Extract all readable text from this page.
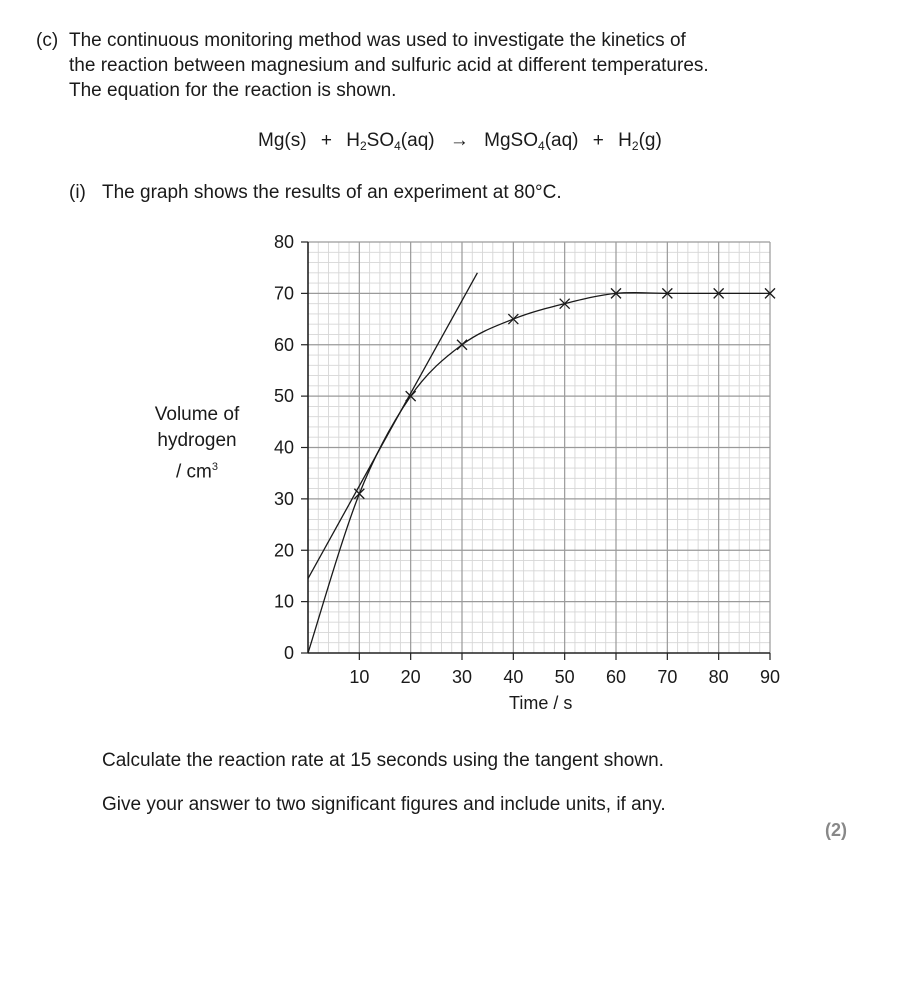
(c) The continuous monitoring method was used to investigate the kinetics of
the reaction between magnesium and sulfuric acid at different temperatures.
The equation for the reaction is shown.
$Mg(s) + H_2SO_4(aq)$ → MgSO$_4$(aq) + $H_2(g)$
(i) The graph shows the results of an experiment at 80°C.
Volume of
hydrogen
/ $cm^3$
0
10
20
30
40
50
60
70
80
10 20 30 40 50 60 70 80 90
Time / s
Calculate the reaction rate at 15 seconds using the tangent shown.
Give your answer to two significant figures and include units, if any.
(2)
